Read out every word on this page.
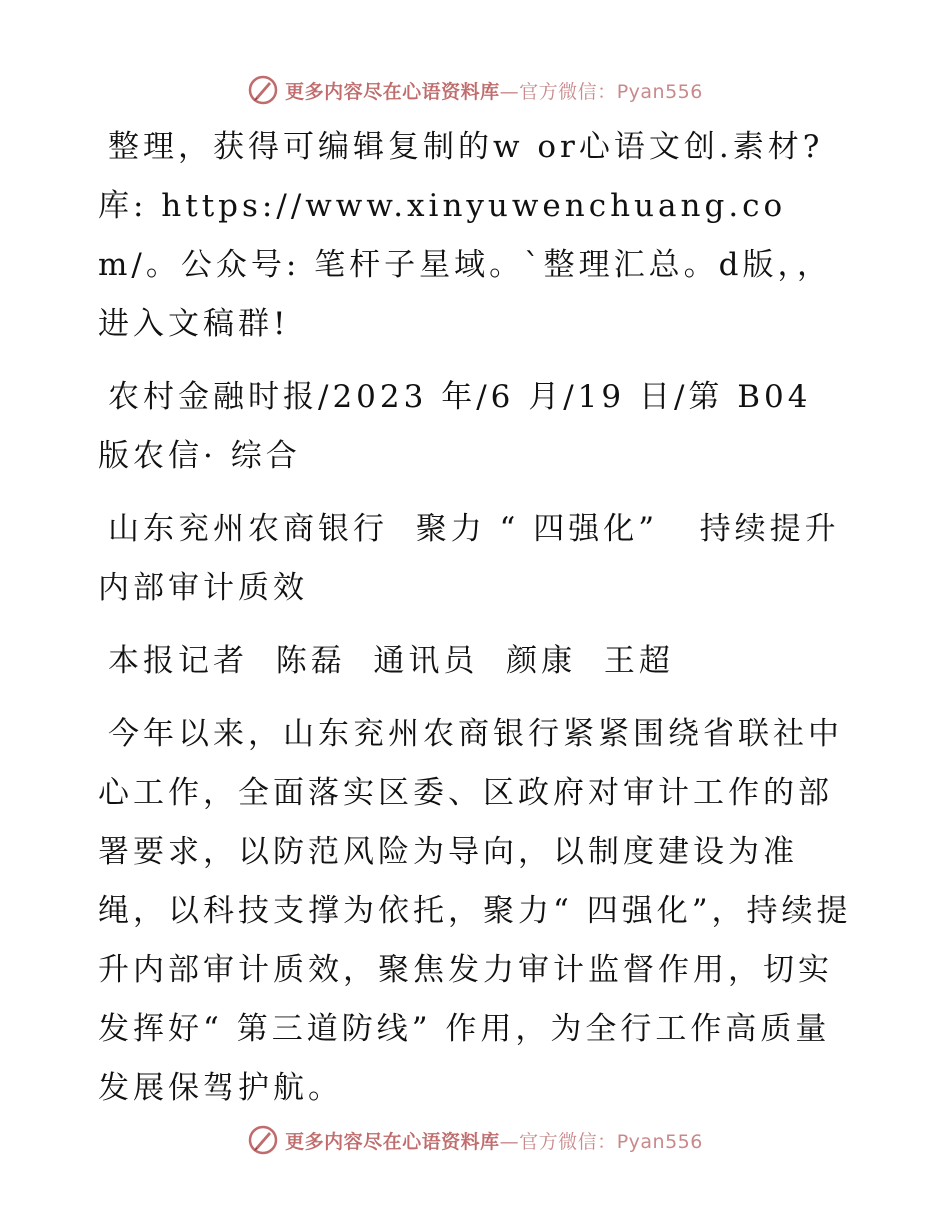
更多内容尽在心语资料库—官方微信：Pyan556

整理，获得可编辑复制的w or心语文创.素材?库: https://www.xinyuwenchuang.com/。公众号: 笔杆子星域。`整理汇总。d版，，进入文稿群!

农村金融时报/2023 年/6 月/19 日/第 B04 版农信· 综合

山东兖州农商银行  聚力 “ 四强化”   持续提升内部审计质效

本报记者  陈磊  通讯员  颜康  王超

今年以来，山东兖州农商银行紧紧围绕省联社中心工作，全面落实区委、区政府对审计工作的部署要求，以防范风险为导向，以制度建设为准绳，以科技支撑为依托，聚力“ 四强化”，持续提升内部审计质效，聚焦发力审计监督作用，切实发挥好“ 第三道防线” 作用，为全行工作高质量发展保驾护航。

更多内容尽在心语资料库—官方微信：Pyan556
